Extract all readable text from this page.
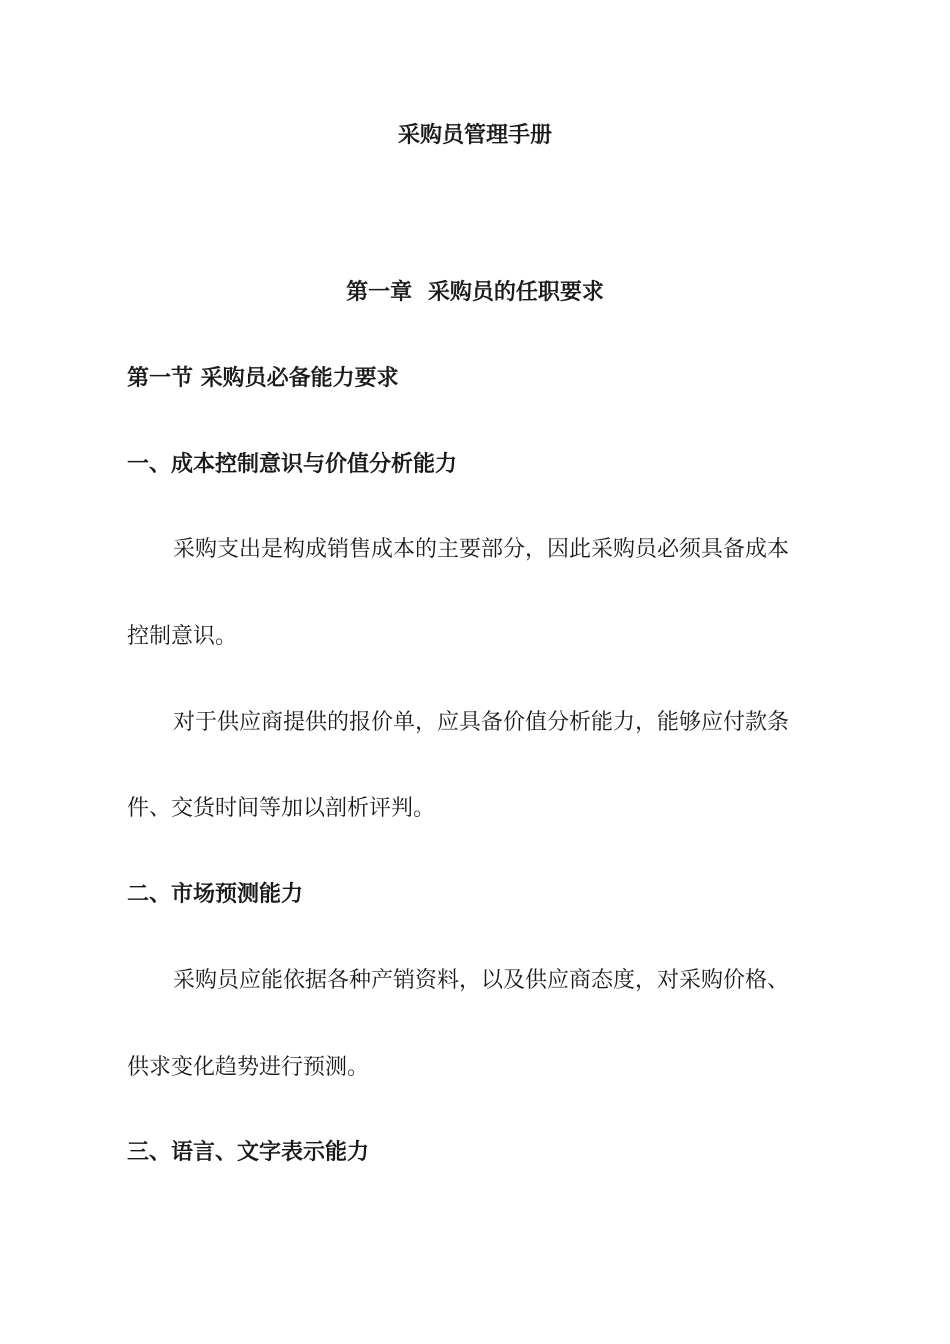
采购员管理手册
第一章 采购员的任职要求
第一节 采购员必备能力要求
一、成本控制意识与价值分析能力

采购支出是构成销售成本的主要部分，因此采购员必须具备成本

控制意识。

对于供应商提供的报价单，应具备价值分析能力，能够应付款条

件、交货时间等加以剖析评判。

二、市场预测能力

采购员应能依据各种产销资料，以及供应商态度，对采购价格、

供求变化趋势进行预测。

三、语言、文字表示能力
